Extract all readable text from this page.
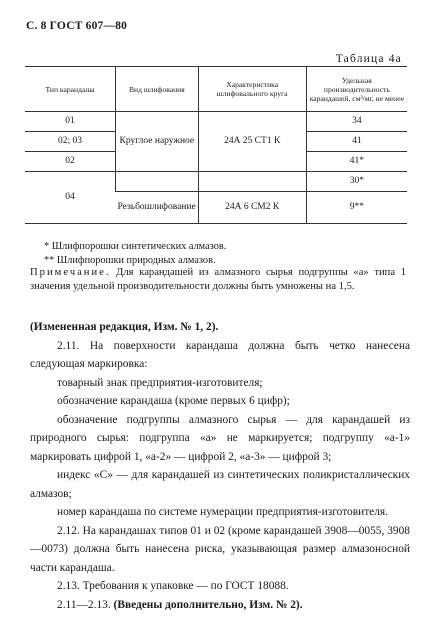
С. 8 ГОСТ 607—80
Таблица 4а
Тип карандаша	Вид шлифования	Характеристика шлифовального круга	Удельная производительность карандашей, см³/мг, не менее
01	Круглое наружное	24А 25 СТ1 К	34
02; 03			41
02			41*
04			30*
	Резьбошлифование	24А 6 СМ2 К	9**
* Шлифпорошки синтетических алмазов.
** Шлифпорошки природных алмазов.
Примечание. Для карандашей из алмазного сырья подгруппы «а» типа 1 значения удельной производительности должны быть умножены на 1,5.

(Измененная редакция, Изм. № 1, 2).

2.11. На поверхности карандаша должна быть четко нанесена следующая маркировка:

товарный знак предприятия-изготовителя;

обозначение карандаша (кроме первых 6 цифр);

обозначение подгруппы алмазного сырья — для карандашей из природного сырья: подгруппа «а» не маркируется; подгруппу «а-1» маркировать цифрой 1, «а-2» — цифрой 2, «а-3» — цифрой 3;

индекс «С» — для карандашей из синтетических поликристаллических алмазов;

номер карандаша по системе нумерации предприятия-изготовителя.

2.12. На карандашах типов 01 и 02 (кроме карандашей 3908—0055, 3908—0073) должна быть нанесена риска, указывающая размер алмазоносной части карандаша.

2.13. Требования к упаковке — по ГОСТ 18088.

2.11—2.13. (Введены дополнительно, Изм. № 2).
